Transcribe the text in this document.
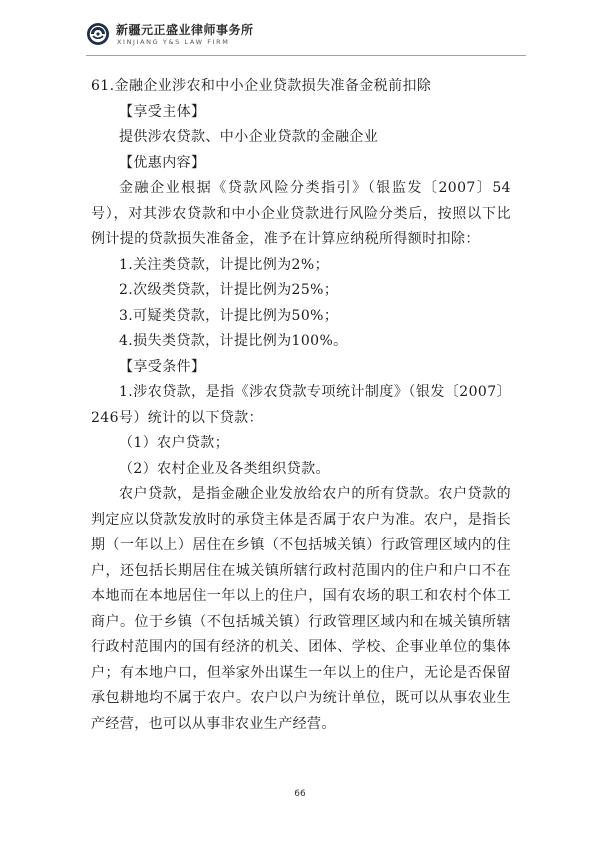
新疆元正盛业律师事务所
XINJIANG Y&S LAW FIRM

61.金融企业涉农和中小企业贷款损失准备金税前扣除

【享受主体】

提供涉农贷款、中小企业贷款的金融企业

【优惠内容】

金融企业根据《贷款风险分类指引》（银监发〔2007〕54号），对其涉农贷款和中小企业贷款进行风险分类后，按照以下比例计提的贷款损失准备金，准予在计算应纳税所得额时扣除：

1.关注类贷款，计提比例为2%；

2.次级类贷款，计提比例为25%；

3.可疑类贷款，计提比例为50%；

4.损失类贷款，计提比例为100%。

【享受条件】

1.涉农贷款，是指《涉农贷款专项统计制度》（银发〔2007〕246号）统计的以下贷款：

（1）农户贷款；

（2）农村企业及各类组织贷款。

农户贷款，是指金融企业发放给农户的所有贷款。农户贷款的判定应以贷款发放时的承贷主体是否属于农户为准。农户，是指长期（一年以上）居住在乡镇（不包括城关镇）行政管理区域内的住户，还包括长期居住在城关镇所辖行政村范围内的住户和户口不在本地而在本地居住一年以上的住户，国有农场的职工和农村个体工商户。位于乡镇（不包括城关镇）行政管理区域内和在城关镇所辖行政村范围内的国有经济的机关、团体、学校、企事业单位的集体户；有本地户口，但举家外出谋生一年以上的住户，无论是否保留承包耕地均不属于农户。农户以户为统计单位，既可以从事农业生产经营，也可以从事非农业生产经营。

66
